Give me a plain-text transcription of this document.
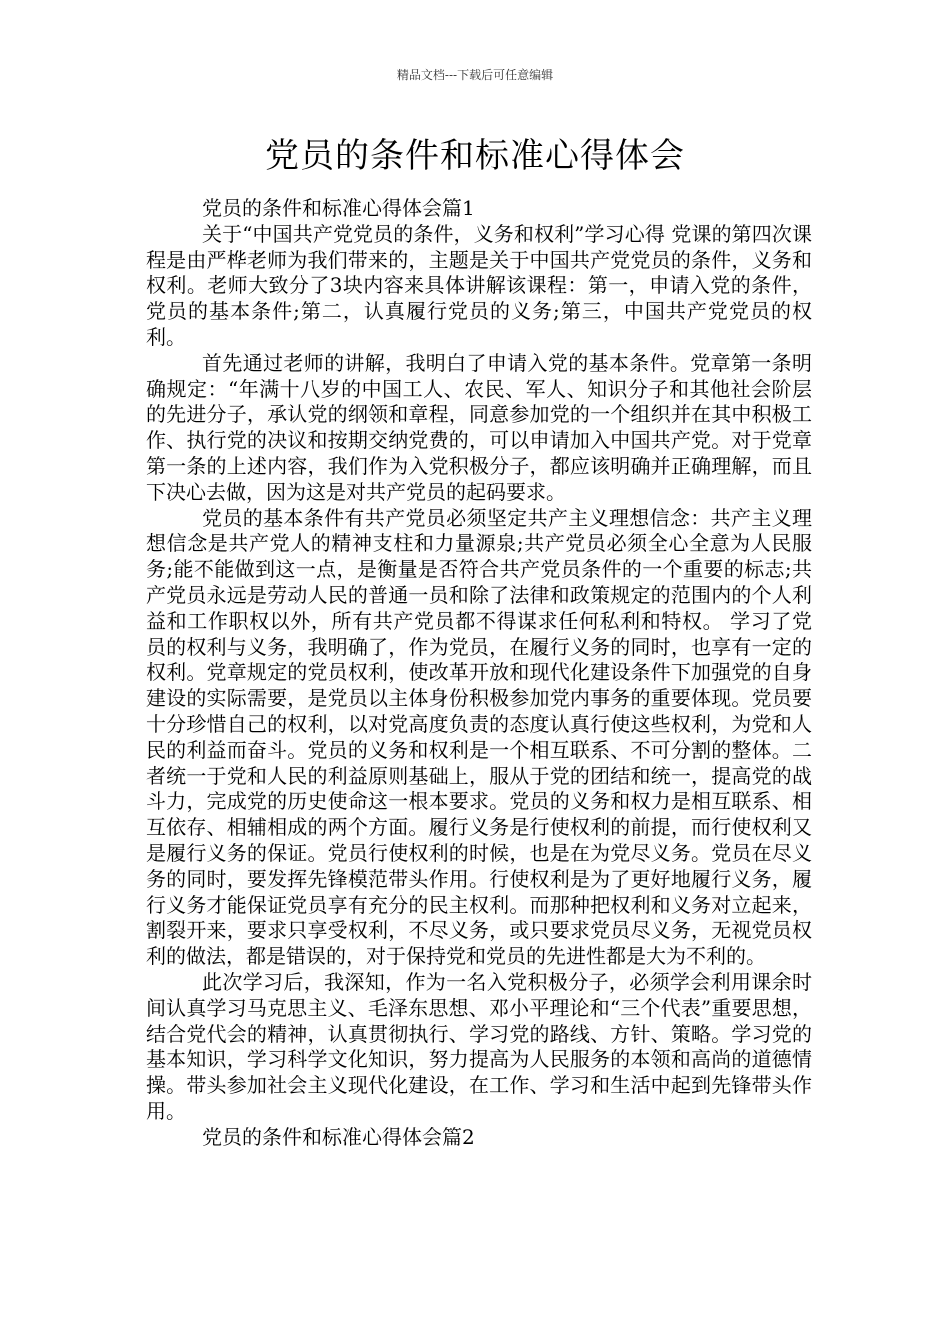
精品文档---下载后可任意编辑
党员的条件和标准心得体会

党员的条件和标准心得体会篇1

关于“中国共产党党员的条件，义务和权利”学习心得 党课的第四次课程是由严桦老师为我们带来的，主题是关于中国共产党党员的条件，义务和权利。老师大致分了3块内容来具体讲解该课程：第一，申请入党的条件，党员的基本条件;第二，认真履行党员的义务;第三，中国共产党党员的权利。

首先通过老师的讲解，我明白了申请入党的基本条件。党章第一条明确规定：“年满十八岁的中国工人、农民、军人、知识分子和其他社会阶层的先进分子，承认党的纲领和章程，同意参加党的一个组织并在其中积极工作、执行党的决议和按期交纳党费的，可以申请加入中国共产党。对于党章第一条的上述内容，我们作为入党积极分子，都应该明确并正确理解，而且下决心去做，因为这是对共产党员的起码要求。

党员的基本条件有共产党员必须坚定共产主义理想信念：共产主义理想信念是共产党人的精神支柱和力量源泉;共产党员必须全心全意为人民服务;能不能做到这一点，是衡量是否符合共产党员条件的一个重要的标志;共产党员永远是劳动人民的普通一员和除了法律和政策规定的范围内的个人利益和工作职权以外，所有共产党员都不得谋求任何私利和特权。 学习了党员的权利与义务，我明确了，作为党员，在履行义务的同时，也享有一定的权利。党章规定的党员权利，使改革开放和现代化建设条件下加强党的自身建设的实际需要，是党员以主体身份积极参加党内事务的重要体现。党员要十分珍惜自己的权利，以对党高度负责的态度认真行使这些权利，为党和人民的利益而奋斗。党员的义务和权利是一个相互联系、不可分割的整体。二者统一于党和人民的利益原则基础上，服从于党的团结和统一，提高党的战斗力，完成党的历史使命这一根本要求。党员的义务和权力是相互联系、相互依存、相辅相成的两个方面。履行义务是行使权利的前提，而行使权利又是履行义务的保证。党员行使权利的时候，也是在为党尽义务。党员在尽义务的同时，要发挥先锋模范带头作用。行使权利是为了更好地履行义务，履行义务才能保证党员享有充分的民主权利。而那种把权利和义务对立起来，割裂开来，要求只享受权利，不尽义务，或只要求党员尽义务，无视党员权利的做法，都是错误的，对于保持党和党员的先进性都是大为不利的。

此次学习后，我深知，作为一名入党积极分子，必须学会利用课余时间认真学习马克思主义、毛泽东思想、邓小平理论和“三个代表”重要思想，结合党代会的精神，认真贯彻执行、学习党的路线、方针、策略。学习党的基本知识，学习科学文化知识，努力提高为人民服务的本领和高尚的道德情操。带头参加社会主义现代化建设，在工作、学习和生活中起到先锋带头作用。

党员的条件和标准心得体会篇2
